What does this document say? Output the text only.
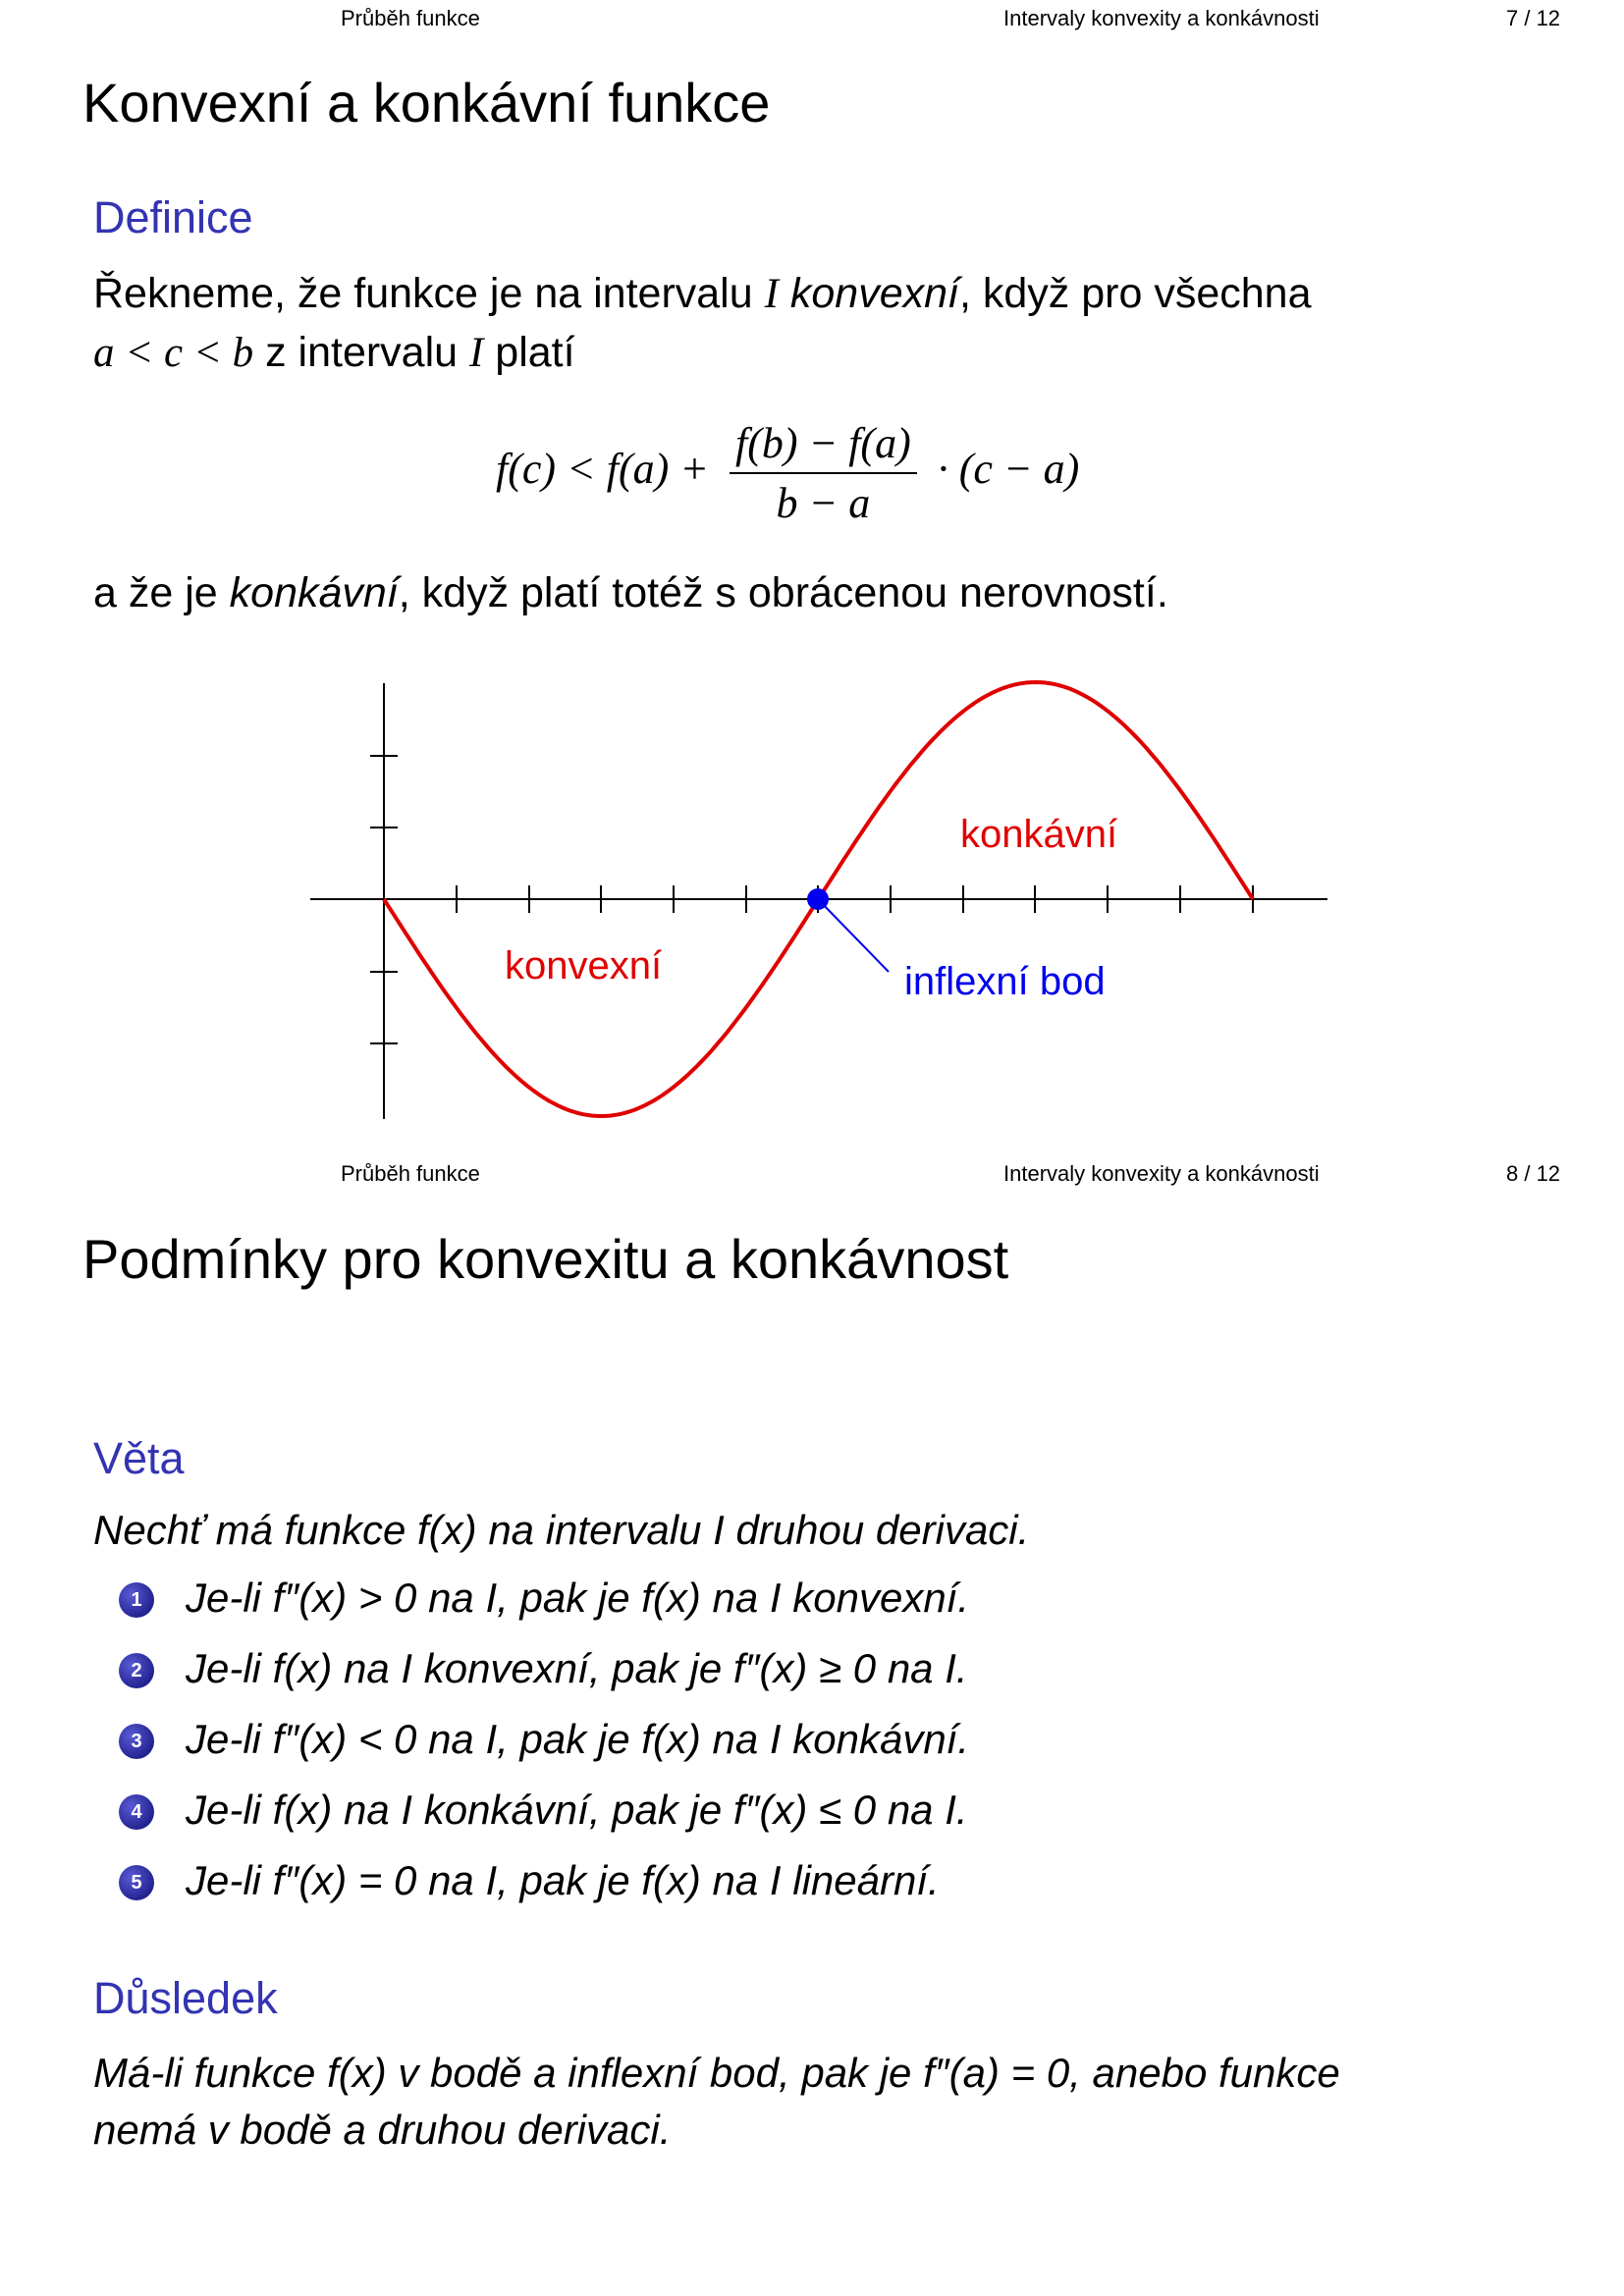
Průběh funkce	Intervaly konvexity a konkávnosti	7 / 12
Konvexní a konkávní funkce
Definice
Řekneme, že funkce je na intervalu I konvexní, když pro všechna
a < c < b z intervalu I platí
$f(c) < f(a) + \frac{f(b) - f(a)}{b - a} \cdot (c - a)$
a že je konkávní, když platí totéž s obrácenou nerovností.
konkávní
konvexní	inflexní bod
Průběh funkce	Intervaly konvexity a konkávnosti	8 / 12
Podmínky pro konvexitu a konkávnost
Věta
Nechť má funkce f(x) na intervalu I druhou derivaci.
1 Je-li f″(x) > 0 na I, pak je f(x) na I konvexní.
2 Je-li f(x) na I konvexní, pak je f″(x) ≥ 0 na I.
3 Je-li f″(x) < 0 na I, pak je f(x) na I konkávní.
4 Je-li f(x) na I konkávní, pak je f″(x) ≤ 0 na I.
5 Je-li f″(x) = 0 na I, pak je f(x) na I lineární.
Důsledek
Má-li funkce f(x) v bodě a inflexní bod, pak je f″(a) = 0, anebo funkce
nemá v bodě a druhou derivaci.
